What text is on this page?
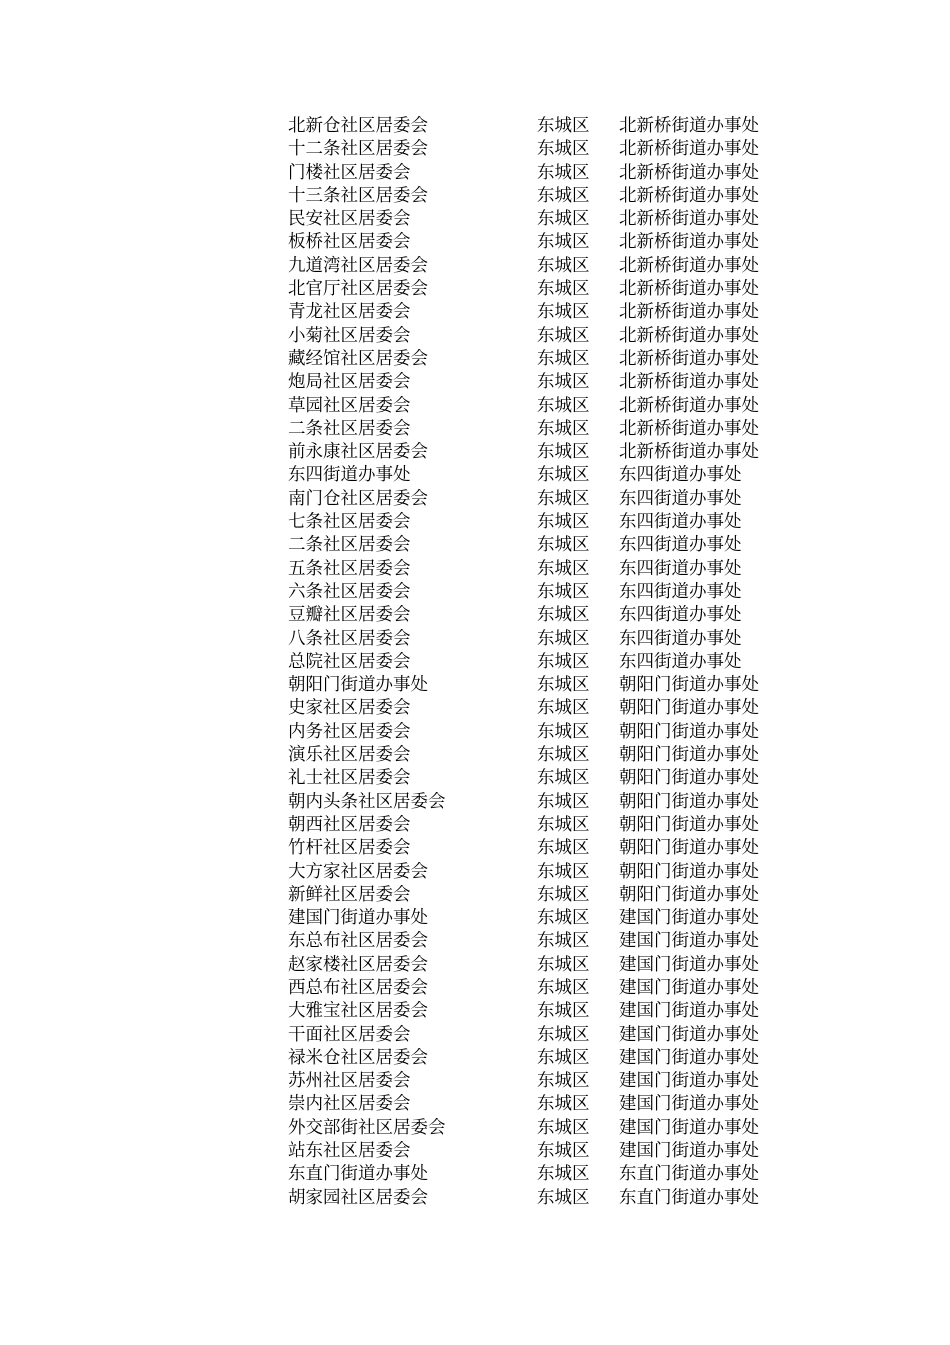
北新仓社区居委会	东城区 北新桥街道办事处
十二条社区居委会	东城区 北新桥街道办事处
门楼社区居委会	东城区 北新桥街道办事处
十三条社区居委会	东城区 北新桥街道办事处
民安社区居委会	东城区 北新桥街道办事处
板桥社区居委会	东城区 北新桥街道办事处
九道湾社区居委会	东城区 北新桥街道办事处
北官厅社区居委会	东城区 北新桥街道办事处
青龙社区居委会	东城区 北新桥街道办事处
小菊社区居委会	东城区 北新桥街道办事处
藏经馆社区居委会	东城区 北新桥街道办事处
炮局社区居委会	东城区 北新桥街道办事处
草园社区居委会	东城区 北新桥街道办事处
二条社区居委会	东城区 北新桥街道办事处
前永康社区居委会	东城区 北新桥街道办事处
东四街道办事处	东城区 东四街道办事处
南门仓社区居委会	东城区 东四街道办事处
七条社区居委会	东城区 东四街道办事处
二条社区居委会	东城区 东四街道办事处
五条社区居委会	东城区 东四街道办事处
六条社区居委会	东城区 东四街道办事处
豆瓣社区居委会	东城区 东四街道办事处
八条社区居委会	东城区 东四街道办事处
总院社区居委会	东城区 东四街道办事处
朝阳门街道办事处	东城区 朝阳门街道办事处
史家社区居委会	东城区 朝阳门街道办事处
内务社区居委会	东城区 朝阳门街道办事处
演乐社区居委会	东城区 朝阳门街道办事处
礼士社区居委会	东城区 朝阳门街道办事处
朝内头条社区居委会	东城区 朝阳门街道办事处
朝西社区居委会	东城区 朝阳门街道办事处
竹杆社区居委会	东城区 朝阳门街道办事处
大方家社区居委会	东城区 朝阳门街道办事处
新鲜社区居委会	东城区 朝阳门街道办事处
建国门街道办事处	东城区 建国门街道办事处
东总布社区居委会	东城区 建国门街道办事处
赵家楼社区居委会	东城区 建国门街道办事处
西总布社区居委会	东城区 建国门街道办事处
大雅宝社区居委会	东城区 建国门街道办事处
干面社区居委会	东城区 建国门街道办事处
禄米仓社区居委会	东城区 建国门街道办事处
苏州社区居委会	东城区 建国门街道办事处
崇内社区居委会	东城区 建国门街道办事处
外交部街社区居委会	东城区 建国门街道办事处
站东社区居委会	东城区 建国门街道办事处
东直门街道办事处	东城区 东直门街道办事处
胡家园社区居委会	东城区 东直门街道办事处
